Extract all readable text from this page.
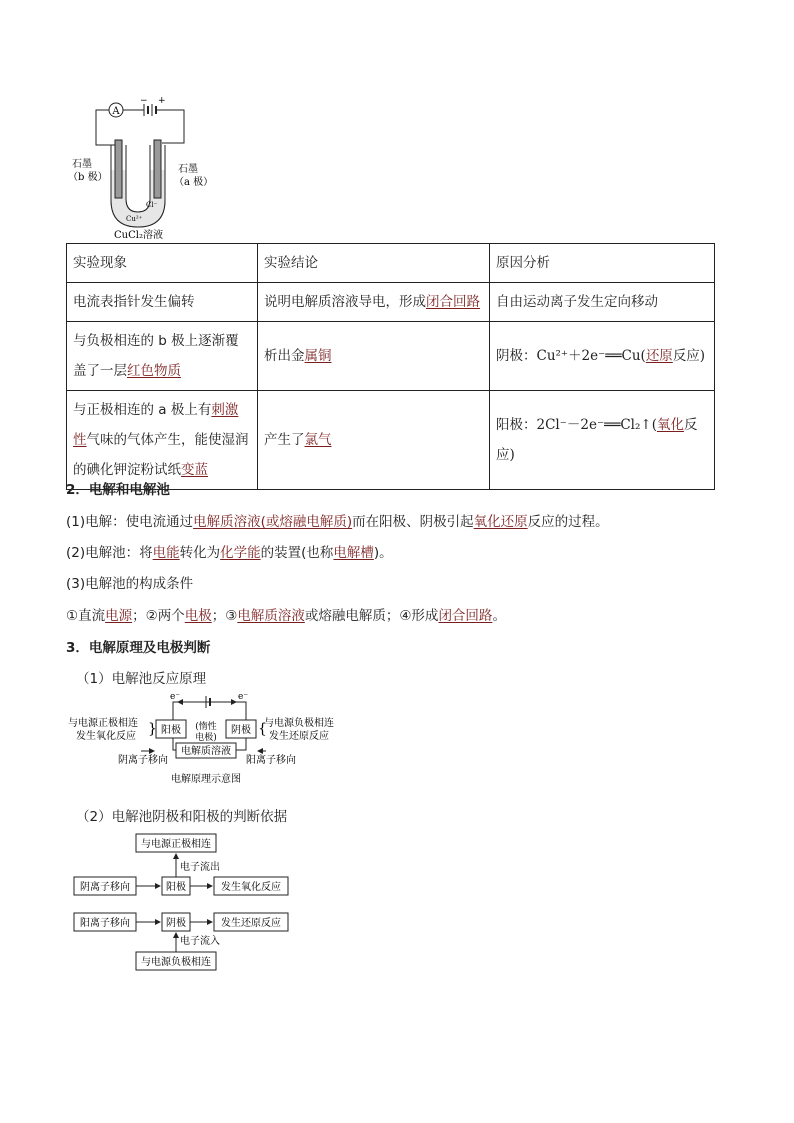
A
− +
石墨
（b 极）
石墨
（a 极）
Cu²⁺
Cl⁻
CuCl₂溶液
实验现象	实验结论	原因分析
电流表指针发生偏转	说明电解质溶液导电，形成闭合回路	自由运动离子发生定向移动
与负极相连的 b 极上逐渐覆盖了一层红色物质	析出金属铜	阴极：Cu²⁺＋2e⁻══Cu(还原反应)
与正极相连的 a 极上有刺激性气味的气体产生，能使湿润的碘化钾淀粉试纸变蓝	产生了氯气	阳极：2Cl⁻－2e⁻══Cl₂↑(氧化反应)
2．电解和电解池
(1)电解：使电流通过电解质溶液(或熔融电解质)而在阳极、阴极引起氧化还原反应的过程。
(2)电解池：将电能转化为化学能的装置(也称电解槽)。
(3)电解池的构成条件
①直流电源；②两个电极；③电解质溶液或熔融电解质；④形成闭合回路。
3．电解原理及电极判断
（1）电解池反应原理
e⁻	e⁻
阳极 (惰性
电极)
阴极
电解质溶液
与电源正极相连
发生氧化反应 }	{
与电源负极相连
发生还原反应
阴离子移向	阳离子移向
电解原理示意图
（2）电解池阴极和阳极的判断依据
与电源正极相连
电子流出
阴离子移向	阳极	发生氧化反应
阳离子移向	阴极	发生还原反应
电子流入
与电源负极相连
